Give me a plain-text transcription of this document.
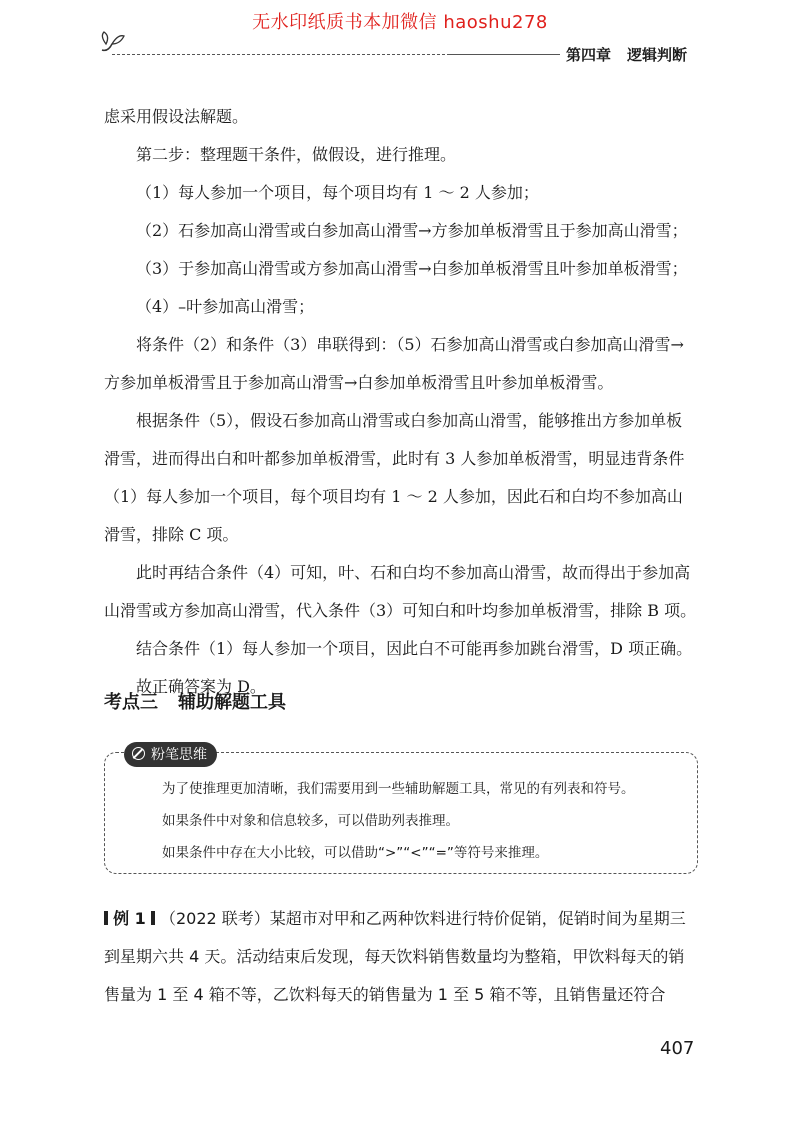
无水印纸质书本加微信 haoshu278
第四章 逻辑判断

虑采用假设法解题。

第二步：整理题干条件，做假设，进行推理。

（1）每人参加一个项目，每个项目均有 1 ～ 2 人参加；

（2）石参加高山滑雪或白参加高山滑雪→方参加单板滑雪且于参加高山滑雪；

（3）于参加高山滑雪或方参加高山滑雪→白参加单板滑雪且叶参加单板滑雪；

（4）–叶参加高山滑雪；

将条件（2）和条件（3）串联得到：（5）石参加高山滑雪或白参加高山滑雪→方参加单板滑雪且于参加高山滑雪→白参加单板滑雪且叶参加单板滑雪。

根据条件（5），假设石参加高山滑雪或白参加高山滑雪，能够推出方参加单板滑雪，进而得出白和叶都参加单板滑雪，此时有 3 人参加单板滑雪，明显违背条件（1）每人参加一个项目，每个项目均有 1 ～ 2 人参加，因此石和白均不参加高山滑雪，排除 C 项。

此时再结合条件（4）可知，叶、石和白均不参加高山滑雪，故而得出于参加高山滑雪或方参加高山滑雪，代入条件（3）可知白和叶均参加单板滑雪，排除 B 项。

结合条件（1）每人参加一个项目，因此白不可能再参加跳台滑雪，D 项正确。

故正确答案为 D。

考点三 辅助解题工具
粉笔思维
为了使推理更加清晰，我们需要用到一些辅助解题工具，常见的有列表和符号。
如果条件中对象和信息较多，可以借助列表推理。
如果条件中存在大小比较，可以借助“>”“<”“=”等符号来推理。
例 1 （2022 联考）某超市对甲和乙两种饮料进行特价促销，促销时间为星期三到星期六共 4 天。活动结束后发现，每天饮料销售数量均为整箱，甲饮料每天的销售量为 1 至 4 箱不等，乙饮料每天的销售量为 1 至 5 箱不等，且销售量还符合
407
